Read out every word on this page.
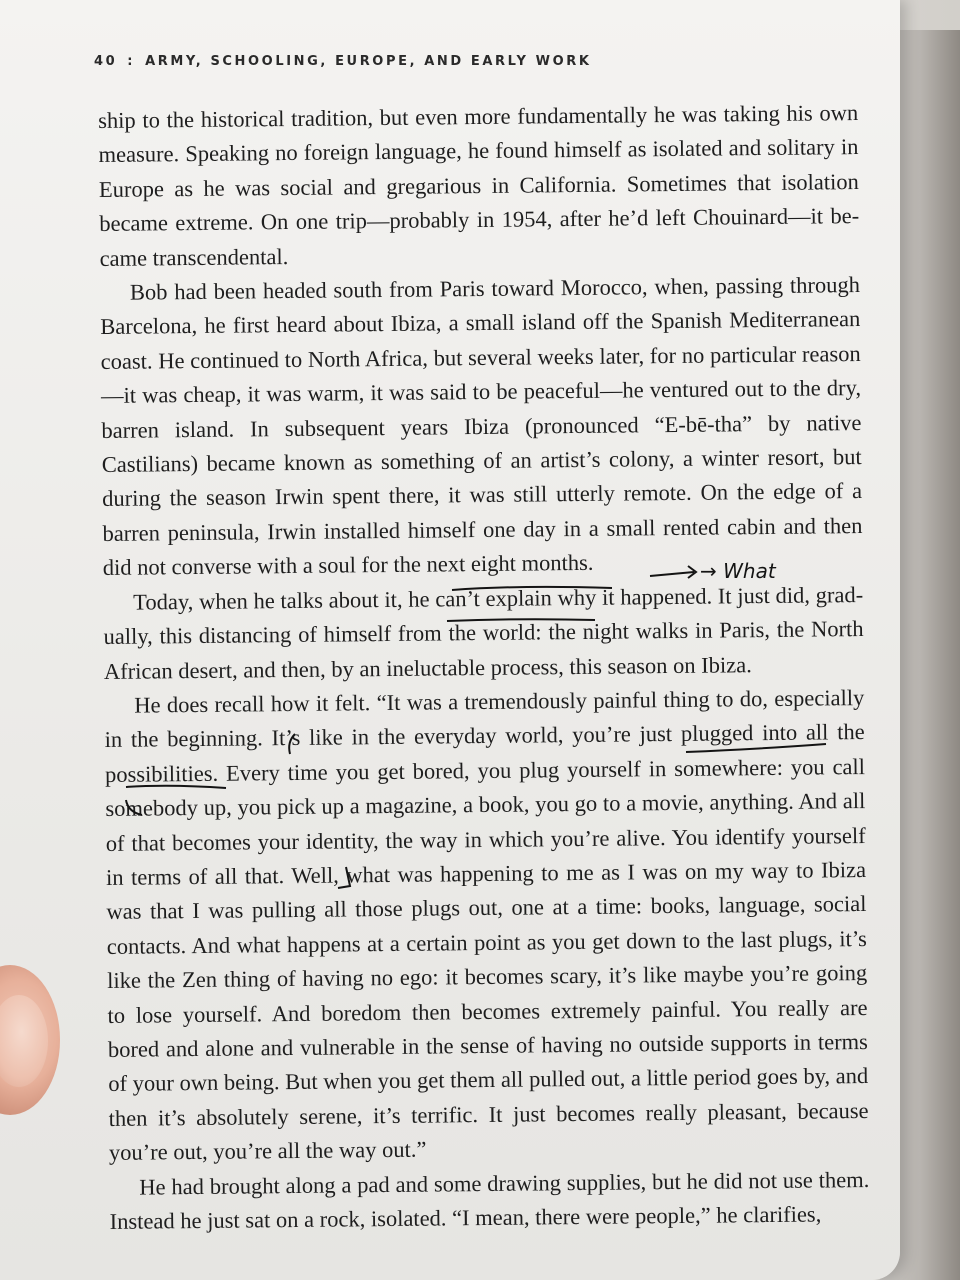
40 : ARMY, SCHOOLING, EUROPE, AND EARLY WORK

ship to the historical tradition, but even more fundamentally he was taking his own measure. Speaking no foreign language, he found himself as isolated and solitary in Europe as he was social and gregarious in California. Sometimes that isolation became extreme. On one trip—probably in 1954, after he’d left Chouinard—it became transcendental.

Bob had been headed south from Paris toward Morocco, when, passing through Barcelona, he first heard about Ibiza, a small island off the Spanish Mediterranean coast. He continued to North Africa, but several weeks later, for no particular reason—it was cheap, it was warm, it was said to be peaceful—he ventured out to the dry, barren island. In subsequent years Ibiza (pronounced “E-bē-tha” by native Castilians) became known as something of an artist’s colony, a winter resort, but during the season Irwin spent there, it was still utterly remote. On the edge of a barren peninsula, Irwin installed himself one day in a small rented cabin and then did not converse with a soul for the next eight months.

Today, when he talks about it, he can’t explain why it happened. It just did, gradually, this distancing of himself from the world: the night walks in Paris, the North African desert, and then, by an ineluctable process, this season on Ibiza.

He does recall how it felt. “It was a tremendously painful thing to do, especially in the beginning. It’s like in the everyday world, you’re just plugged into all the possibilities. Every time you get bored, you plug yourself in somewhere: you call somebody up, you pick up a magazine, a book, you go to a movie, anything. And all of that becomes your identity, the way in which you’re alive. You identify yourself in terms of all that. Well, what was happening to me as I was on my way to Ibiza was that I was pulling all those plugs out, one at a time: books, language, social contacts. And what happens at a certain point as you get down to the last plugs, it’s like the Zen thing of having no ego: it becomes scary, it’s like maybe you’re going to lose yourself. And boredom then becomes extremely painful. You really are bored and alone and vulnerable in the sense of having no outside supports in terms of your own being. But when you get them all pulled out, a little period goes by, and then it’s absolutely serene, it’s terrific. It just becomes really pleasant, because you’re out, you’re all the way out.”

He had brought along a pad and some drawing supplies, but he did not use them. Instead he just sat on a rock, isolated. “I mean, there were people,” he clarifies,

→ What
